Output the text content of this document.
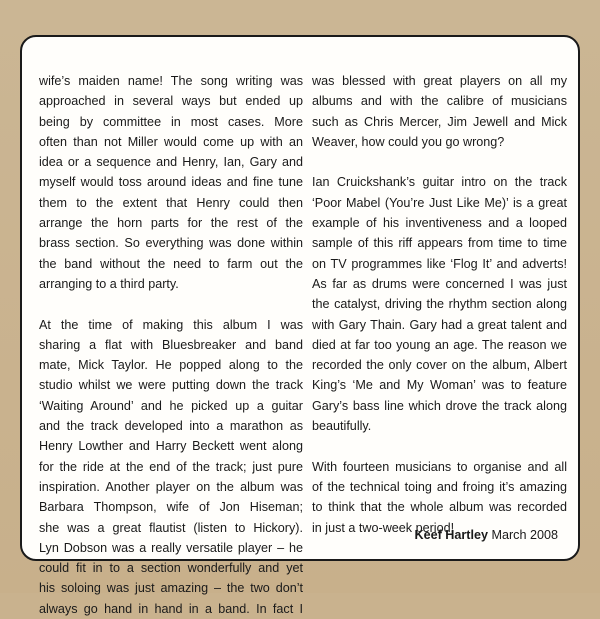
wife’s maiden name! The song writing was
approached in several ways but ended up
being by committee in most cases. More
often than not Miller would come up with an
idea or a sequence and Henry, Ian, Gary and
myself would toss around ideas and fine tune
them to the extent that Henry could then
arrange the horn parts for the rest of the
brass section. So everything was done within
the band without the need to farm out the
arranging to a third party.
At the time of making this album I was
sharing a flat with Bluesbreaker and band
mate, Mick Taylor. He popped along to the
studio whilst we were putting down the track
‘Waiting Around’ and he picked up a guitar
and the track developed into a marathon as
Henry Lowther and Harry Beckett went along
for the ride at the end of the track; just pure
inspiration. Another player on the album was
Barbara Thompson, wife of Jon Hiseman;
she was a great flautist (listen to Hickory).
Lyn Dobson was a really versatile player – he
could fit in to a section wonderfully and yet
his soloing was just amazing – the two don’t
always go hand in hand in a band. In fact I
was blessed with great players on all my
albums and with the calibre of musicians
such as Chris Mercer, Jim Jewell and Mick
Weaver, how could you go wrong?
Ian Cruickshank’s guitar intro on the track
‘Poor Mabel (You’re Just Like Me)’ is a great
example of his inventiveness and a looped
sample of this riff appears from time to time
on TV programmes like ‘Flog It’ and adverts!
As far as drums were concerned I was just
the catalyst, driving the rhythm section along
with Gary Thain. Gary had a great talent and
died at far too young an age. The reason we
recorded the only cover on the album, Albert
King’s ‘Me and My Woman’ was to feature
Gary’s bass line which drove the track along
beautifully.
With fourteen musicians to organise and all
of the technical toing and froing it’s amazing
to think that the whole album was recorded
in just a two-week period!
Keef Hartley March 2008
